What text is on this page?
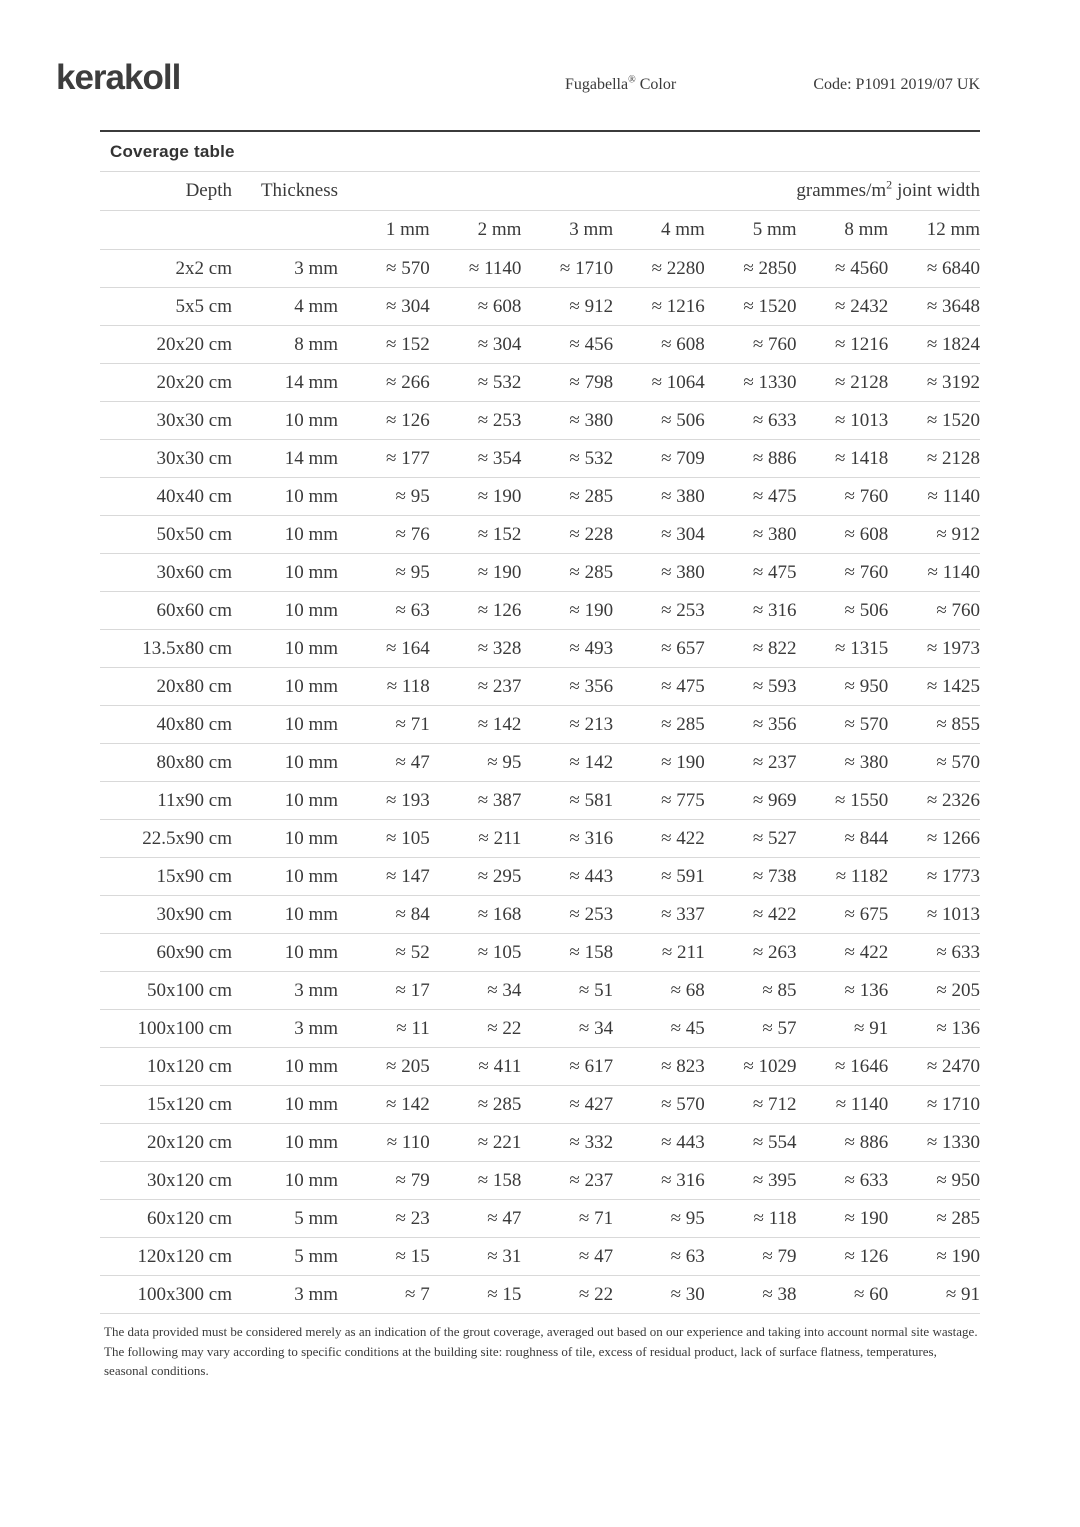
kerakoll	Fugabella® Color	Code: P1091 2019/07 UK
Coverage table
Depth	Thickness	grammes/$m^2$ joint width						
		1 mm	2 mm	3 mm	4 mm	5 mm	8 mm	12 mm
2x2 cm	3 mm	≈ 570	≈ 1140	≈ 1710	≈ 2280	≈ 2850	≈ 4560	≈ 6840
5x5 cm	4 mm	≈ 304	≈ 608	≈ 912	≈ 1216	≈ 1520	≈ 2432	≈ 3648
20x20 cm	8 mm	≈ 152	≈ 304	≈ 456	≈ 608	≈ 760	≈ 1216	≈ 1824
20x20 cm	14 mm	≈ 266	≈ 532	≈ 798	≈ 1064	≈ 1330	≈ 2128	≈ 3192
30x30 cm	10 mm	≈ 126	≈ 253	≈ 380	≈ 506	≈ 633	≈ 1013	≈ 1520
30x30 cm	14 mm	≈ 177	≈ 354	≈ 532	≈ 709	≈ 886	≈ 1418	≈ 2128
40x40 cm	10 mm	≈ 95	≈ 190	≈ 285	≈ 380	≈ 475	≈ 760	≈ 1140
50x50 cm	10 mm	≈ 76	≈ 152	≈ 228	≈ 304	≈ 380	≈ 608	≈ 912
30x60 cm	10 mm	≈ 95	≈ 190	≈ 285	≈ 380	≈ 475	≈ 760	≈ 1140
60x60 cm	10 mm	≈ 63	≈ 126	≈ 190	≈ 253	≈ 316	≈ 506	≈ 760
13.5x80 cm	10 mm	≈ 164	≈ 328	≈ 493	≈ 657	≈ 822	≈ 1315	≈ 1973
20x80 cm	10 mm	≈ 118	≈ 237	≈ 356	≈ 475	≈ 593	≈ 950	≈ 1425
40x80 cm	10 mm	≈ 71	≈ 142	≈ 213	≈ 285	≈ 356	≈ 570	≈ 855
80x80 cm	10 mm	≈ 47	≈ 95	≈ 142	≈ 190	≈ 237	≈ 380	≈ 570
11x90 cm	10 mm	≈ 193	≈ 387	≈ 581	≈ 775	≈ 969	≈ 1550	≈ 2326
22.5x90 cm	10 mm	≈ 105	≈ 211	≈ 316	≈ 422	≈ 527	≈ 844	≈ 1266
15x90 cm	10 mm	≈ 147	≈ 295	≈ 443	≈ 591	≈ 738	≈ 1182	≈ 1773
30x90 cm	10 mm	≈ 84	≈ 168	≈ 253	≈ 337	≈ 422	≈ 675	≈ 1013
60x90 cm	10 mm	≈ 52	≈ 105	≈ 158	≈ 211	≈ 263	≈ 422	≈ 633
50x100 cm	3 mm	≈ 17	≈ 34	≈ 51	≈ 68	≈ 85	≈ 136	≈ 205
100x100 cm	3 mm	≈ 11	≈ 22	≈ 34	≈ 45	≈ 57	≈ 91	≈ 136
10x120 cm	10 mm	≈ 205	≈ 411	≈ 617	≈ 823	≈ 1029	≈ 1646	≈ 2470
15x120 cm	10 mm	≈ 142	≈ 285	≈ 427	≈ 570	≈ 712	≈ 1140	≈ 1710
20x120 cm	10 mm	≈ 110	≈ 221	≈ 332	≈ 443	≈ 554	≈ 886	≈ 1330
30x120 cm	10 mm	≈ 79	≈ 158	≈ 237	≈ 316	≈ 395	≈ 633	≈ 950
60x120 cm	5 mm	≈ 23	≈ 47	≈ 71	≈ 95	≈ 118	≈ 190	≈ 285
120x120 cm	5 mm	≈ 15	≈ 31	≈ 47	≈ 63	≈ 79	≈ 126	≈ 190
100x300 cm	3 mm	≈ 7	≈ 15	≈ 22	≈ 30	≈ 38	≈ 60	≈ 91
The data provided must be considered merely as an indication of the grout coverage, averaged out based on our experience and taking into account normal site wastage. The following may vary according to specific conditions at the building site: roughness of tile, excess of residual product, lack of surface flatness, temperatures, seasonal conditions.
